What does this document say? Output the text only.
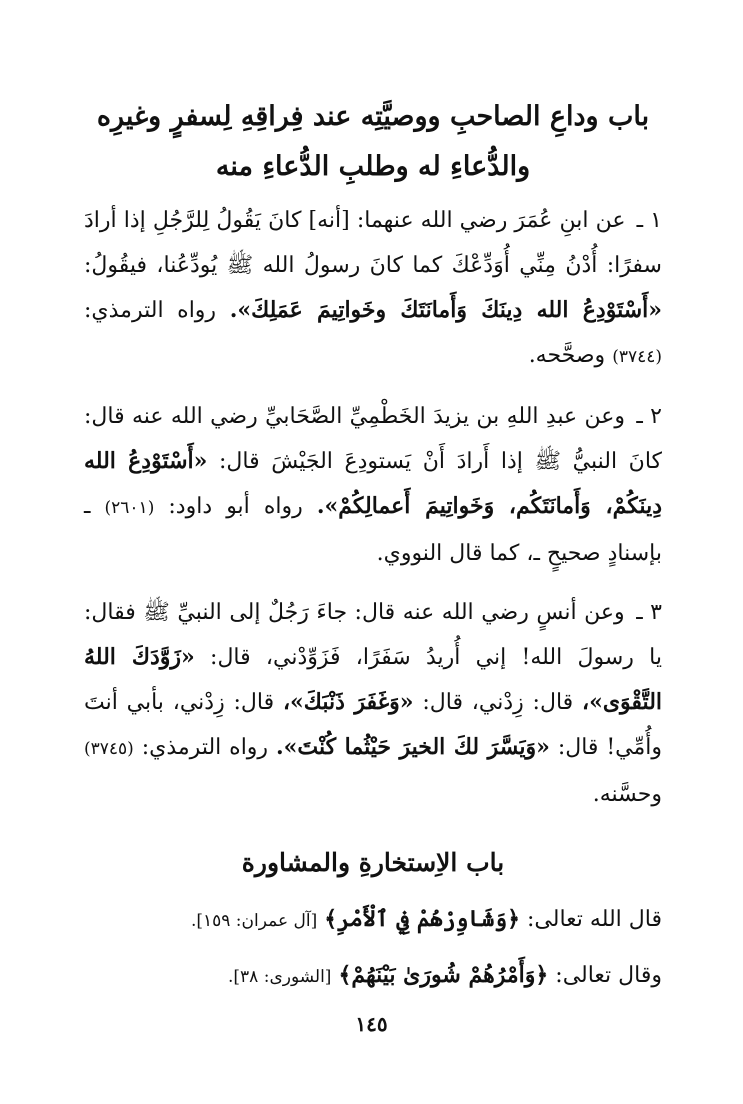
باب وداعِ الصاحبِ ووصيَّتِه عند فِراقِهِ لِسفرٍ وغيرِه
والدُّعاءِ له وطلبِ الدُّعاءِ منه

١ ـ عن ابنِ عُمَرَ رضي الله عنهما: [أنه] كانَ يَقُولُ لِلرَّجُلِ إذا أرادَ سفرًا: أُدْنُ مِنِّي أُوَدِّعْكَ كما كانَ رسولُ الله ﷺ يُودِّعُنا، فيقُولُ: «أَسْتَوْدِعُ الله دِينَكَ وَأَمانَتَكَ وخَواتِيمَ عَمَلِكَ». رواه الترمذي: (٣٧٤٤) وصحَّحه.

٢ ـ وعن عبدِ اللهِ بن يزيدَ الخَطْمِيِّ الصَّحَابيِّ رضي الله عنه قال: كانَ النبيُّ ﷺ إذا أَرادَ أَنْ يَستودِعَ الجَيْشَ قال: «أَسْتَوْدِعُ الله دِينَكُمْ، وَأَمانَتَكُم، وَخَواتِيمَ أَعمالِكُمْ». رواه أبو داود: (٢٦٠١) ـ بإسنادٍ صحيحٍ ـ، كما قال النووي.

٣ ـ وعن أنسٍ رضي الله عنه قال: جاءَ رَجُلٌ إلى النبيِّ ﷺ فقال: يا رسولَ الله! إني أُريدُ سَفَرًا، فَزَوِّدْني، قال: «زَوَّدَكَ اللهُ التَّقْوَى»، قال: زِدْني، قال: «وَغَفَرَ ذَنْبَكَ»، قال: زِدْني، بأبي أنتَ وأُمِّي! قال: «وَيَسَّرَ لكَ الخيرَ حَيْثُما كُنْتَ». رواه الترمذي: (٣٧٤٥) وحسَّنه.

باب الاِستخارةِ والمشاورة

قال الله تعالى: ﴿وَشَاوِرْهُمْ فِي ٱلْأَمْرِ﴾ [آل عمران: ١٥٩].

وقال تعالى: ﴿وَأَمْرُهُمْ شُورَىٰ بَيْنَهُمْ﴾ [الشورى: ٣٨].

١٤٥
